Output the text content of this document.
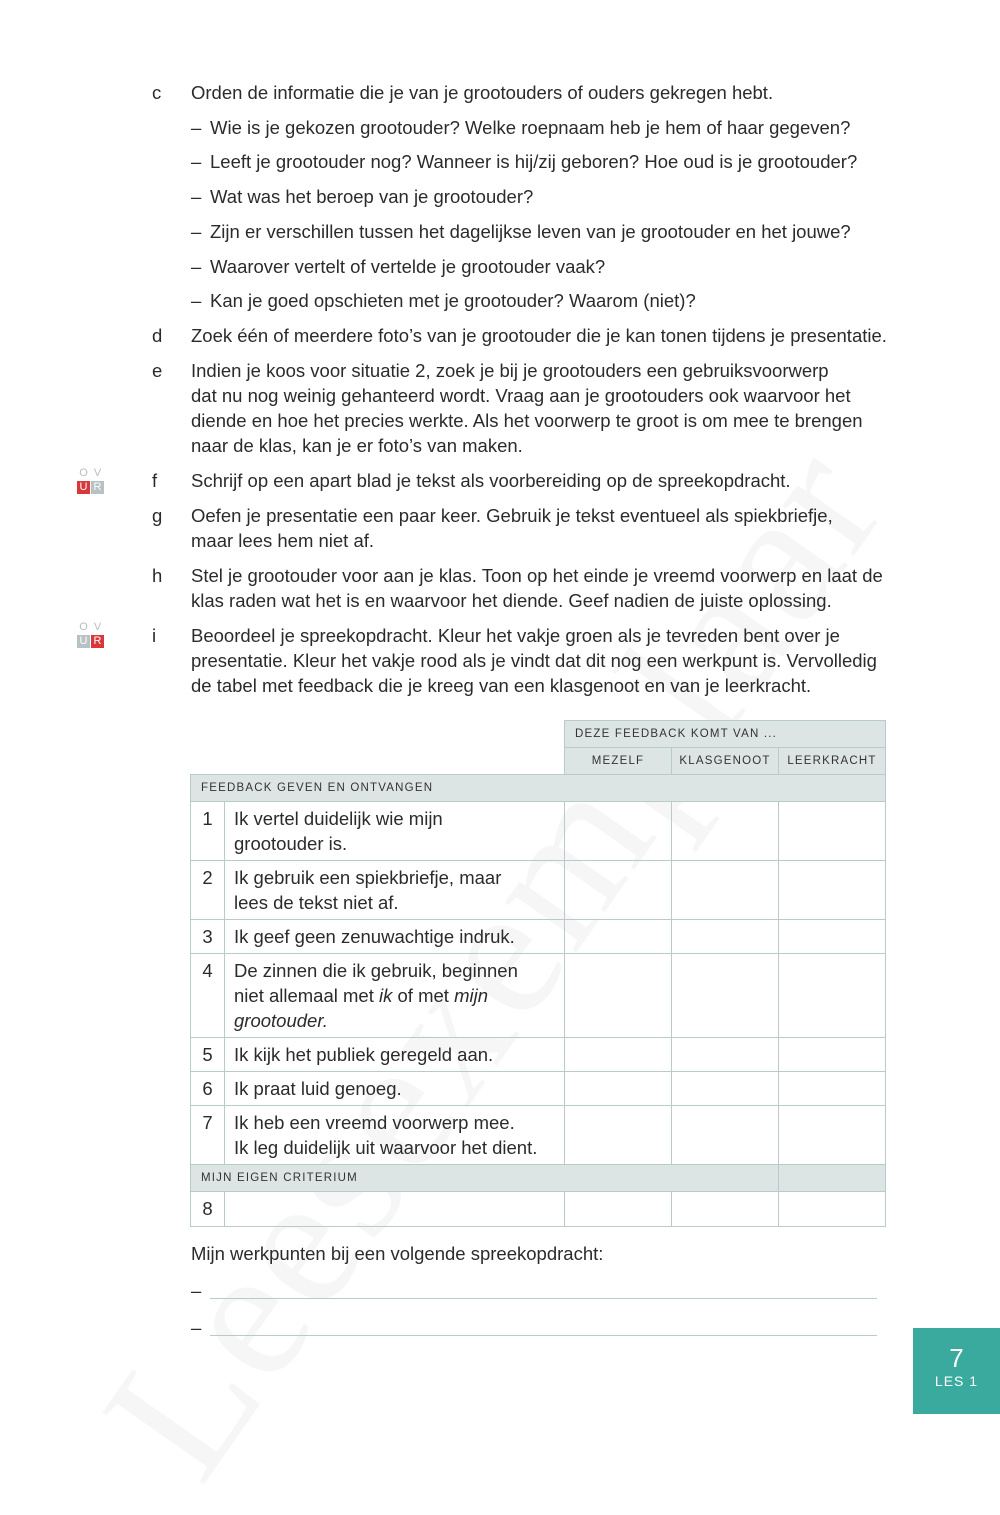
c Orden de informatie die je van je grootouders of ouders gekregen hebt.
– Wie is je gekozen grootouder? Welke roepnaam heb je hem of haar gegeven?
– Leeft je grootouder nog? Wanneer is hij/zij geboren? Hoe oud is je grootouder?
– Wat was het beroep van je grootouder?
– Zijn er verschillen tussen het dagelijkse leven van je grootouder en het jouwe?
– Waarover vertelt of vertelde je grootouder vaak?
– Kan je goed opschieten met je grootouder? Waarom (niet)?
d Zoek één of meerdere foto’s van je grootouder die je kan tonen tijdens je presentatie.
e Indien je koos voor situatie 2, zoek je bij je grootouders een gebruiksvoorwerp
dat nu nog weinig gehanteerd wordt. Vraag aan je grootouders ook waarvoor het
diende en hoe het precies werkte. Als het voorwerp te groot is om mee te brengen
naar de klas, kan je er foto’s van maken.
O V
U R	f Schrijf op een apart blad je tekst als voorbereiding op de spreekopdracht.
g Oefen je presentatie een paar keer. Gebruik je tekst eventueel als spiekbriefje,
maar lees hem niet af.
h Stel je grootouder voor aan je klas. Toon op het einde je vreemd voorwerp en laat de
klas raden wat het is en waarvoor het diende. Geef nadien de juiste oplossing.
O V
U R	i Beoordeel je spreekopdracht. Kleur het vakje groen als je tevreden bent over je
presentatie. Kleur het vakje rood als je vindt dat dit nog een werkpunt is. Vervolledig
de tabel met feedback die je kreeg van een klasgenoot en van je leerkracht.
		DEZE FEEDBACK KOMT VAN ...		
		MEZELF	KLASGENOOT	LEERKRACHT
FEEDBACK GEVEN EN ONTVANGEN				
1	Ik vertel duidelijk wie mijn
grootouder is.			

2	Ik gebruik een spiekbriefje, maar
lees de tekst niet af.			

3	Ik geef geen zenuwachtige indruk.			

4	De zinnen die ik gebruik, beginnen
niet allemaal met ik of met mijn
grootouder.			

5	Ik kijk het publiek geregeld aan.			

6	Ik praat luid genoeg.			

7	Ik heb een vreemd voorwerp mee.
Ik leg duidelijk uit waarvoor het dient.			

MIJN EIGEN CRITERIUM				
8				
Mijn werkpunten bij een volgende spreekopdracht:
–
–
7
LES 1
